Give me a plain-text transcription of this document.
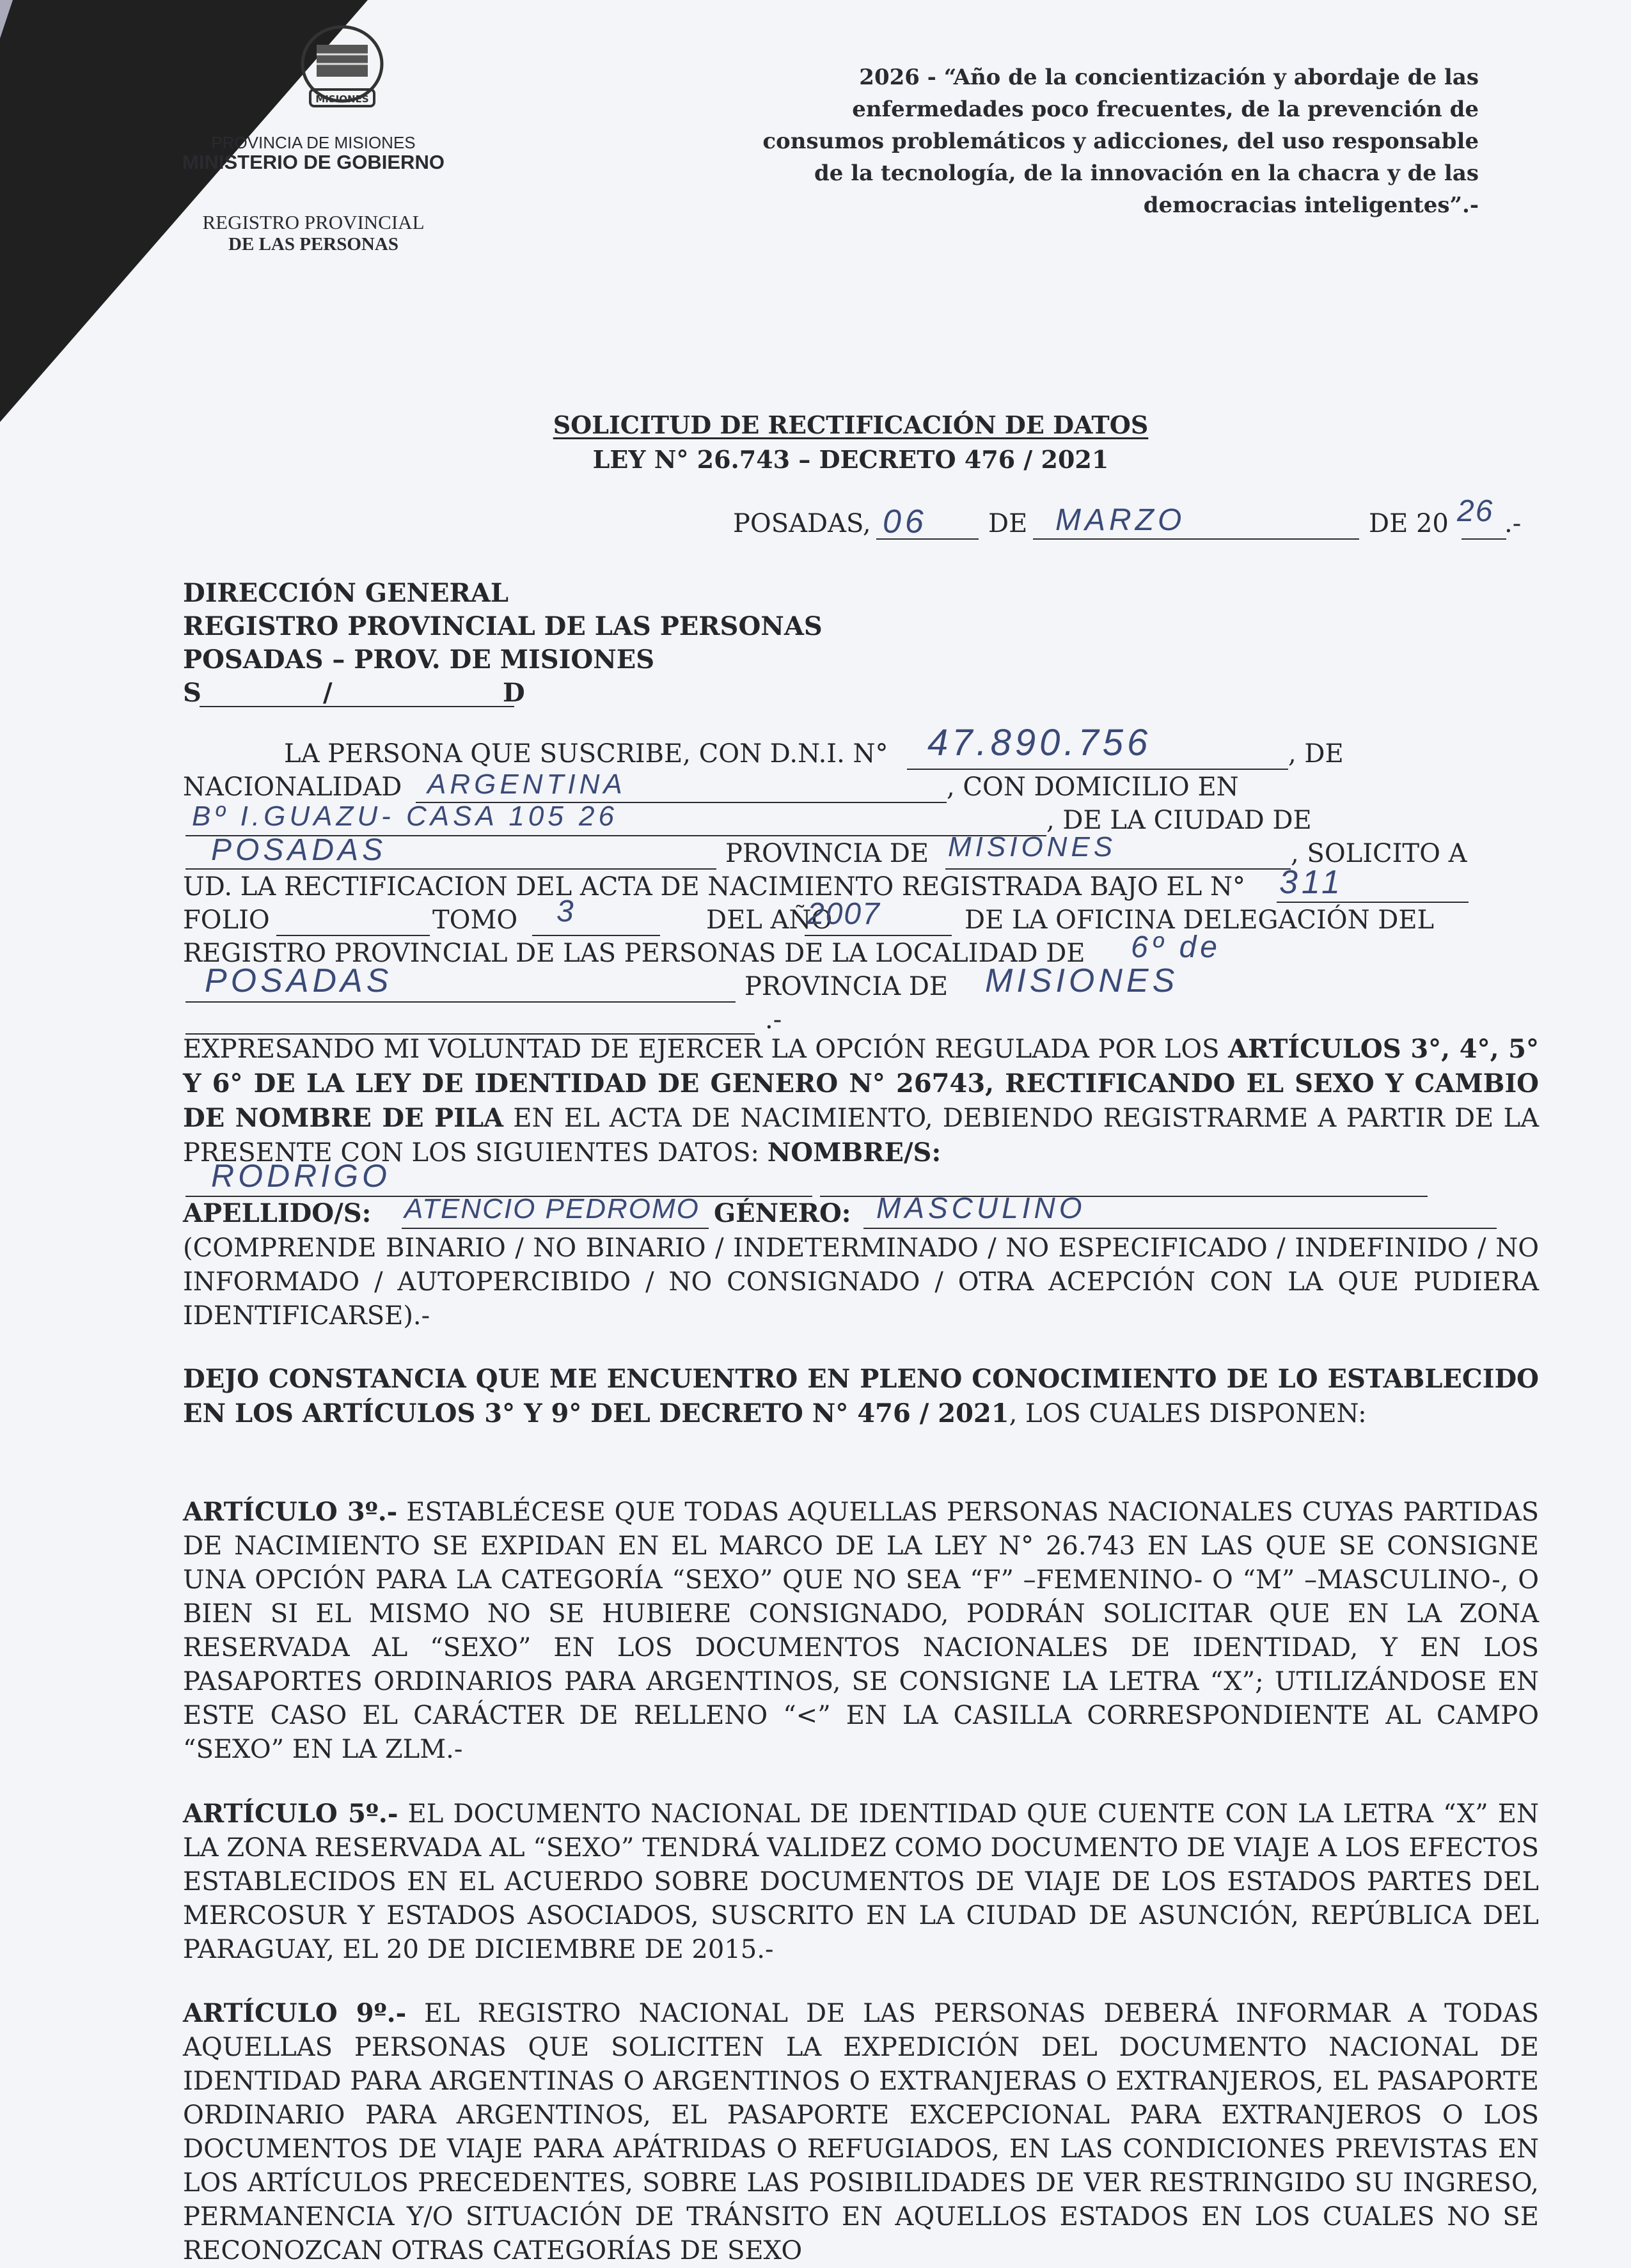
MISIONES
PROVINCIA DE MISIONES
MINISTERIO DE GOBIERNO
REGISTRO PROVINCIAL
DE LAS PERSONAS
2026 - “Año de la concientización y abordaje de las
enfermedades poco frecuentes, de la prevención de
consumos problemáticos y adicciones, del uso responsable
de la tecnología, de la innovación en la chacra y de las
democracias inteligentes”.-
SOLICITUD DE RECTIFICACIÓN DE DATOS
LEY N° 26.743 – DECRETO 476 / 2021
POSADAS, 06 DE MARZO	DE 20 26 .-
DIRECCIÓN GENERAL
REGISTRO PROVINCIAL DE LAS PERSONAS
POSADAS – PROV. DE MISIONES
S	/	D
LA PERSONA QUE SUSCRIBE, CON D.N.I. N° 47.890.756	, DE
NACIONALIDAD ARGENTINA	, CON DOMICILIO EN
Bº I.GUAZU- CASA 105 26	, DE LA CIUDAD DE
POSADAS	PROVINCIA DE MISIONES	, SOLICITO A
UD. LA RECTIFICACION DEL ACTA DE NACIMIENTO REGISTRADA BAJO EL N° 311
FOLIO	TOMO 3	DEL AÑO
2007	DE LA OFICINA DELEGACIÓN DEL
REGISTRO PROVINCIAL DE LAS PERSONAS DE LA LOCALIDAD DE 6º de
POSADAS	PROVINCIA DE MISIONES
.-
EXPRESANDO MI VOLUNTAD DE EJERCER LA OPCIÓN REGULADA POR LOS ARTÍCULOS 3°, 4°, 5° Y 6° DE LA LEY DE IDENTIDAD DE GENERO N° 26743, RECTIFICANDO EL SEXO Y CAMBIO DE NOMBRE DE PILA EN EL ACTA DE NACIMIENTO, DEBIENDO REGISTRARME A PARTIR DE LA PRESENTE CON LOS SIGUIENTES DATOS: NOMBRE/S:
RODRIGO
APELLIDO/S: ATENCIO PEDROMO GÉNERO: MASCULINO
(COMPRENDE BINARIO / NO BINARIO / INDETERMINADO / NO ESPECIFICADO / INDEFINIDO / NO INFORMADO / AUTOPERCIBIDO / NO CONSIGNADO / OTRA ACEPCIÓN CON LA QUE PUDIERA IDENTIFICARSE).-
DEJO CONSTANCIA QUE ME ENCUENTRO EN PLENO CONOCIMIENTO DE LO ESTABLECIDO EN LOS ARTÍCULOS 3° Y 9° DEL DECRETO N° 476 / 2021, LOS CUALES DISPONEN:
ARTÍCULO 3º.- ESTABLÉCESE QUE TODAS AQUELLAS PERSONAS NACIONALES CUYAS PARTIDAS DE NACIMIENTO SE EXPIDAN EN EL MARCO DE LA LEY N° 26.743 EN LAS QUE SE CONSIGNE UNA OPCIÓN PARA LA CATEGORÍA “SEXO” QUE NO SEA “F” –FEMENINO- O “M” –MASCULINO-, O BIEN SI EL MISMO NO SE HUBIERE CONSIGNADO, PODRÁN SOLICITAR QUE EN LA ZONA RESERVADA AL “SEXO” EN LOS DOCUMENTOS NACIONALES DE IDENTIDAD, Y EN LOS PASAPORTES ORDINARIOS PARA ARGENTINOS, SE CONSIGNE LA LETRA “X”; UTILIZÁNDOSE EN ESTE CASO EL CARÁCTER DE RELLENO “<” EN LA CASILLA CORRESPONDIENTE AL CAMPO “SEXO” EN LA ZLM.-
ARTÍCULO 5º.- EL DOCUMENTO NACIONAL DE IDENTIDAD QUE CUENTE CON LA LETRA “X” EN LA ZONA RESERVADA AL “SEXO” TENDRÁ VALIDEZ COMO DOCUMENTO DE VIAJE A LOS EFECTOS ESTABLECIDOS EN EL ACUERDO SOBRE DOCUMENTOS DE VIAJE DE LOS ESTADOS PARTES DEL MERCOSUR Y ESTADOS ASOCIADOS, SUSCRITO EN LA CIUDAD DE ASUNCIÓN, REPÚBLICA DEL PARAGUAY, EL 20 DE DICIEMBRE DE 2015.-
ARTÍCULO 9º.- EL REGISTRO NACIONAL DE LAS PERSONAS DEBERÁ INFORMAR A TODAS AQUELLAS PERSONAS QUE SOLICITEN LA EXPEDICIÓN DEL DOCUMENTO NACIONAL DE IDENTIDAD PARA ARGENTINAS O ARGENTINOS O EXTRANJERAS O EXTRANJEROS, EL PASAPORTE ORDINARIO PARA ARGENTINOS, EL PASAPORTE EXCEPCIONAL PARA EXTRANJEROS O LOS DOCUMENTOS DE VIAJE PARA APÁTRIDAS O REFUGIADOS, EN LAS CONDICIONES PREVISTAS EN LOS ARTÍCULOS PRECEDENTES, SOBRE LAS POSIBILIDADES DE VER RESTRINGIDO SU INGRESO, PERMANENCIA Y/O SITUACIÓN DE TRÁNSITO EN AQUELLOS ESTADOS EN LOS CUALES NO SE RECONOZCAN OTRAS CATEGORÍAS DE SEXO
